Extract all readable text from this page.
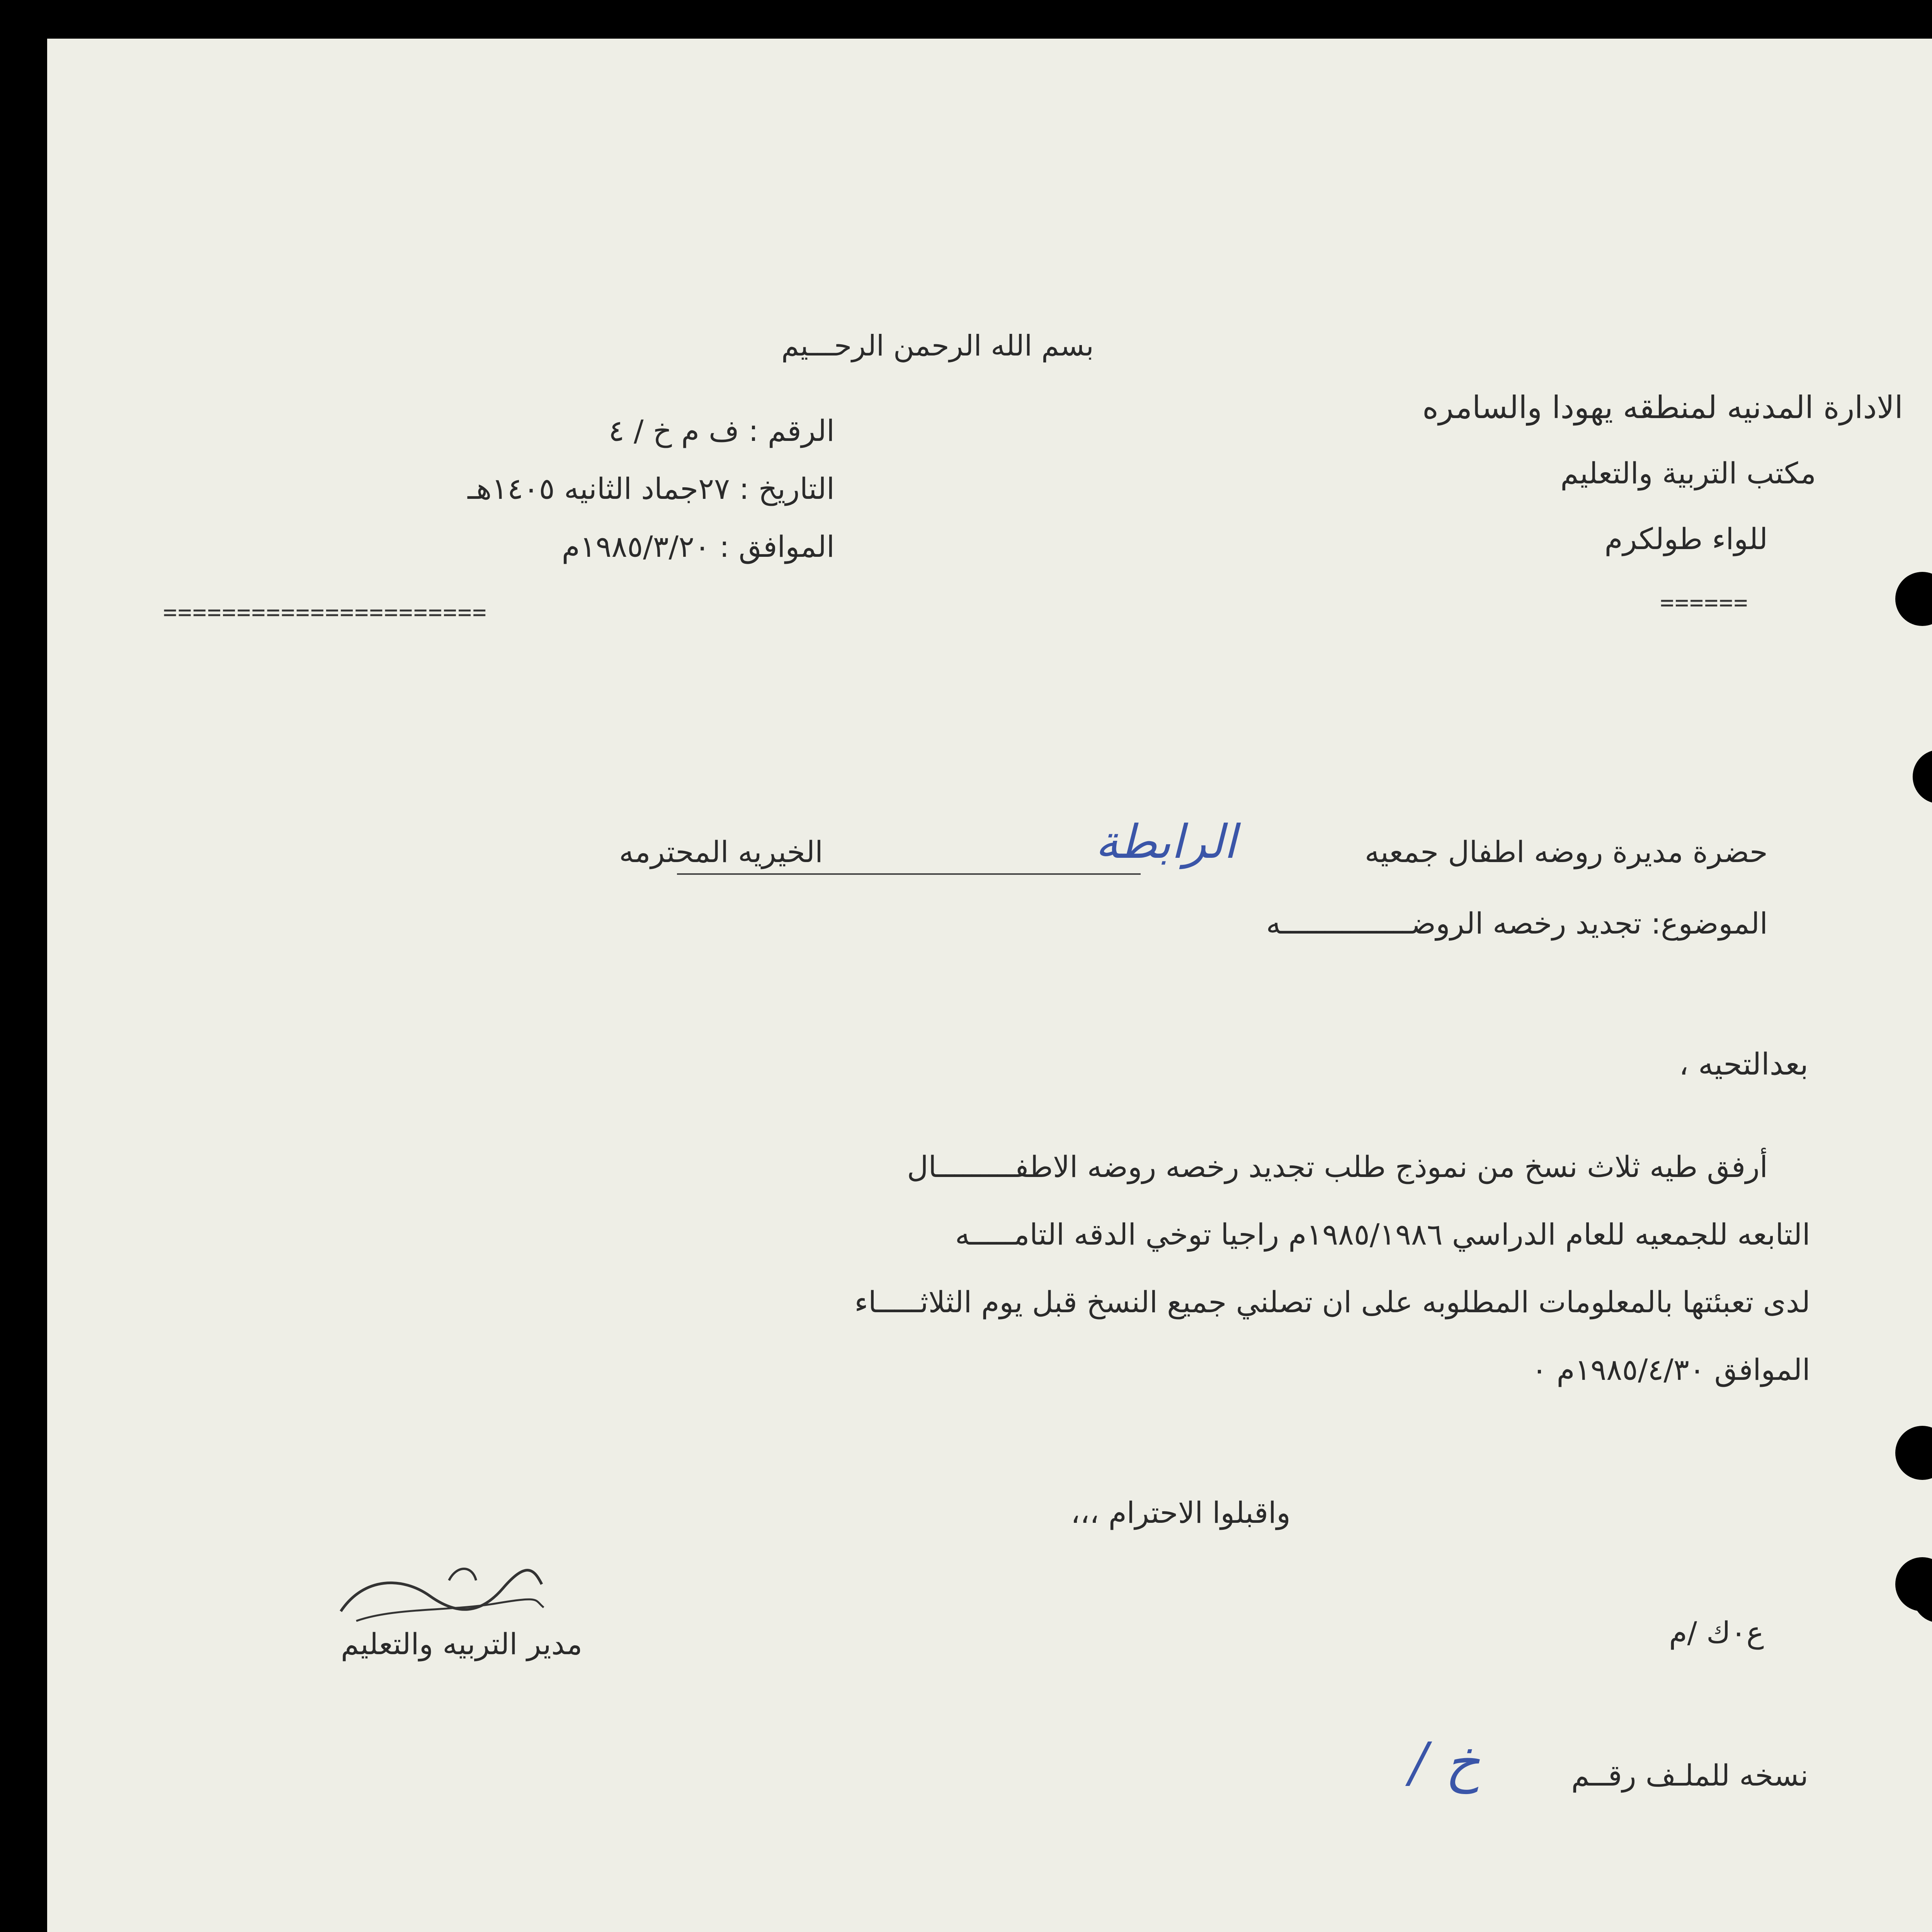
بسم الله الرحمن الرحـــيم
الادارة المدنيه لمنطقه يهودا والسامره
مكتب التربية والتعليم
للواء طولكرم
======
الرقم : ف م خ / ٤
التاريخ : ٢٧جماد الثانيه ١٤٠٥هـ
الموافق : ١٩٨٥/٣/٢٠م
======================
حضرة مديرة روضه اطفال جمعيه
الرابطة
الخيريه المحترمه
الموضوع: تجديد رخصه الروضـــــــــــــــه
بعدالتحيه ،
أرفق طيه ثلاث نسخ من نموذج طلب تجديد رخصه روضه الاطفـــــــــال
التابعه للجمعيه للعام الدراسي ١٩٨٥/١٩٨٦م راجيا توخي الدقه التامـــــه
لدى تعبئتها بالمعلومات المطلوبه على ان تصلني جميع النسخ قبل يوم الثلاثـــــاء
الموافق ١٩٨٥/٤/٣٠م ٠
واقبلوا الاحترام ،،،
مدير التربيه والتعليم	ع٠ك /م
نسخه للملـف رقــم
خ /
